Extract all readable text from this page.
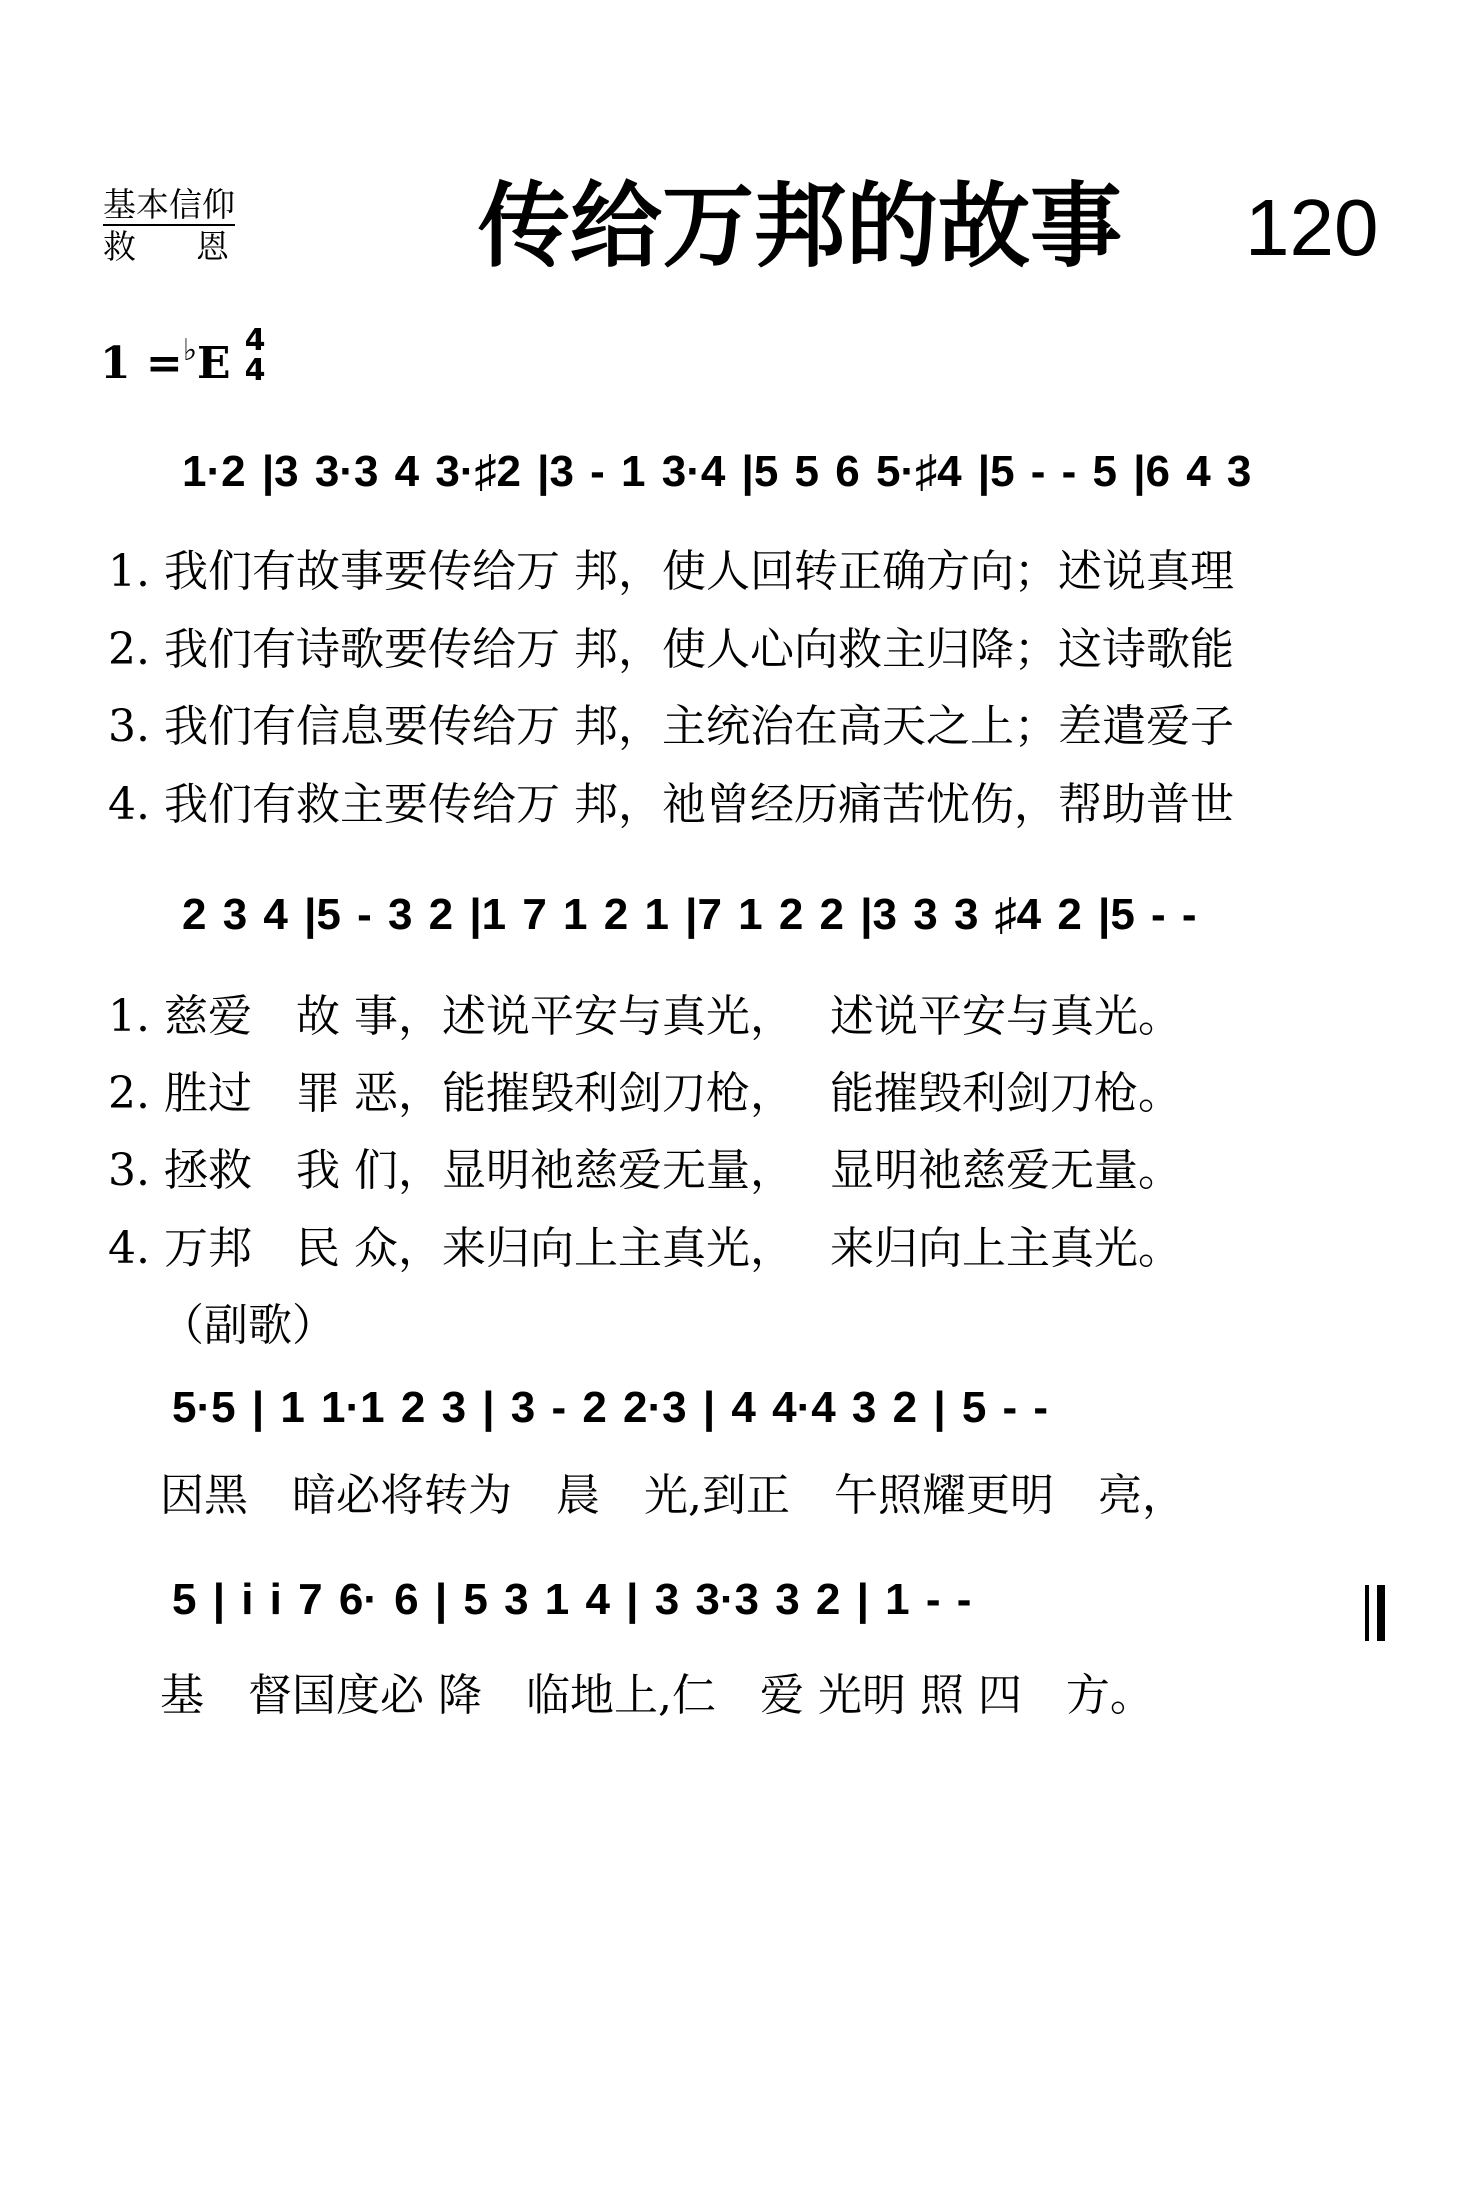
基本信仰
救恩 传给万邦的故事 120
1 =♭E 4
4
1·2 |3 3·3 4 3·♯2 |3 - 1 3·4 |5 5 6 5·♯4 |5 - - 5 |6 4 3
1. 我们有故事要传给万 邦，使人回转正确方向；述说真理
2. 我们有诗歌要传给万 邦，使人心向救主归降；这诗歌能
3. 我们有信息要传给万 邦，主统治在高天之上；差遣爱子
4. 我们有救主要传给万 邦，祂曾经历痛苦忧伤，帮助普世
2 3 4 |5 - 3 2 |1 7 1 2 1 |7 1 2 2 |3 3 3 ♯4 2 |5 - -
1. 慈爱　故 事，述说平安与真光，　 述说平安与真光。
2. 胜过　罪 恶，能摧毁利剑刀枪，　 能摧毁利剑刀枪。
3. 拯救　我 们，显明祂慈爱无量，　 显明祂慈爱无量。
4. 万邦　民 众，来归向上主真光，　 来归向上主真光。
（副歌）
5·5 | 1 1·1 2 3 | 3 - 2 2·3 | 4 4·4 3 2 | 5 - -
因黑　暗必将转为　晨　光,到正　午照耀更明　亮，
5 | i i 7 6· 6 | 5 3 1 4 | 3 3·3 3 2 | 1 - -
基　督国度必 降　临地上,仁　爱 光明 照 四　方。
